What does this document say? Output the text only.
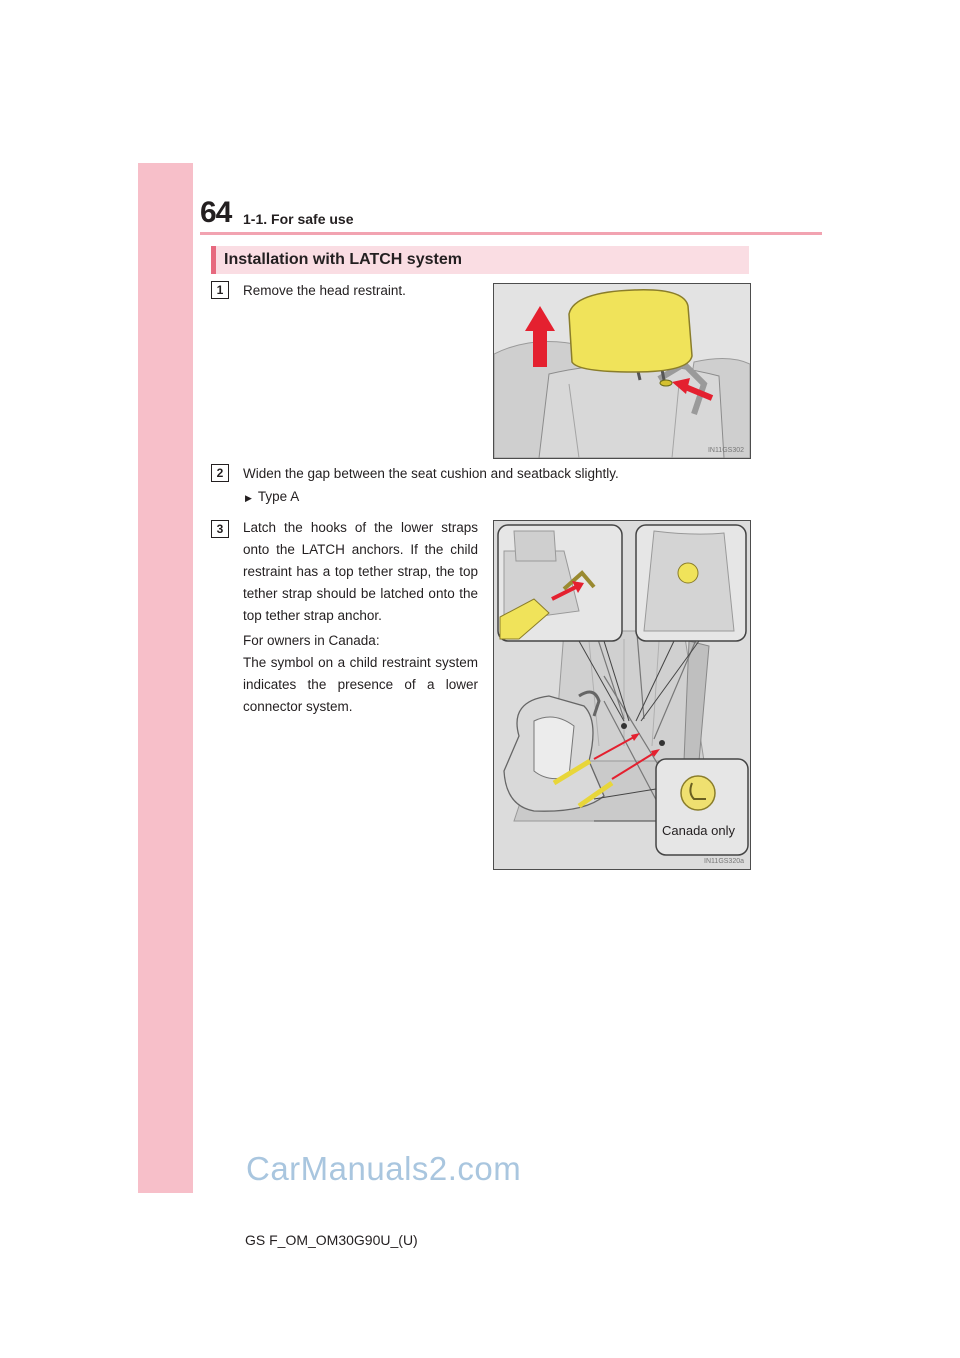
64 1-1. For safe use
Installation with LATCH system
1	Remove the head restraint.
IN11GS302
2	Widen the gap between the seat cushion and seatback slightly.
▶ Type A
3	Latch the hooks of the lower straps onto the LATCH anchors. If the child restraint has a top tether strap, the top tether strap should be latched onto the top tether strap anchor.
For owners in Canada:
The symbol on a child restraint system indicates the presence of a lower connector system.
Canada only
IN11GS320a
CarManuals2.com
GS F_OM_OM30G90U_(U)
